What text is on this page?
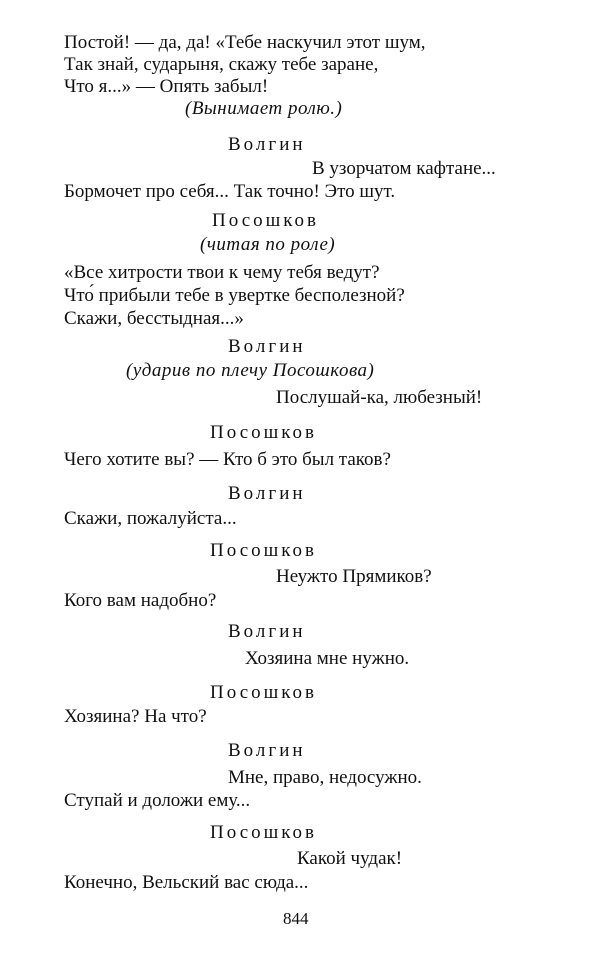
Постой! — да, да! «Тебе наскучил этот шум,
Так знай, сударыня, скажу тебе заране,
Что я...» — Опять забыл!
(Вынимает ролю.)
Волгин
В узорчатом кафтане...
Бормочет про себя... Так точно! Это шут.
Посошков
(читая по роле)
«Все хитрости твои к чему тебя ведут?
Что́ прибыли тебе в увертке бесполезной?
Скажи, бесстыдная...»
Волгин
(ударив по плечу Посошкова)
Послушай-ка, любезный!
Посошков
Чего хотите вы? — Кто б это был таков?
Волгин
Скажи, пожалуйста...
Посошков
Неужто Прямиков?
Кого вам надобно?
Волгин
Хозяина мне нужно.
Посошков
Хозяина? На что?
Волгин
Мне, право, недосужно.
Ступай и доложи ему...
Посошков
Какой чудак!
Конечно, Вельский вас сюда...
844
